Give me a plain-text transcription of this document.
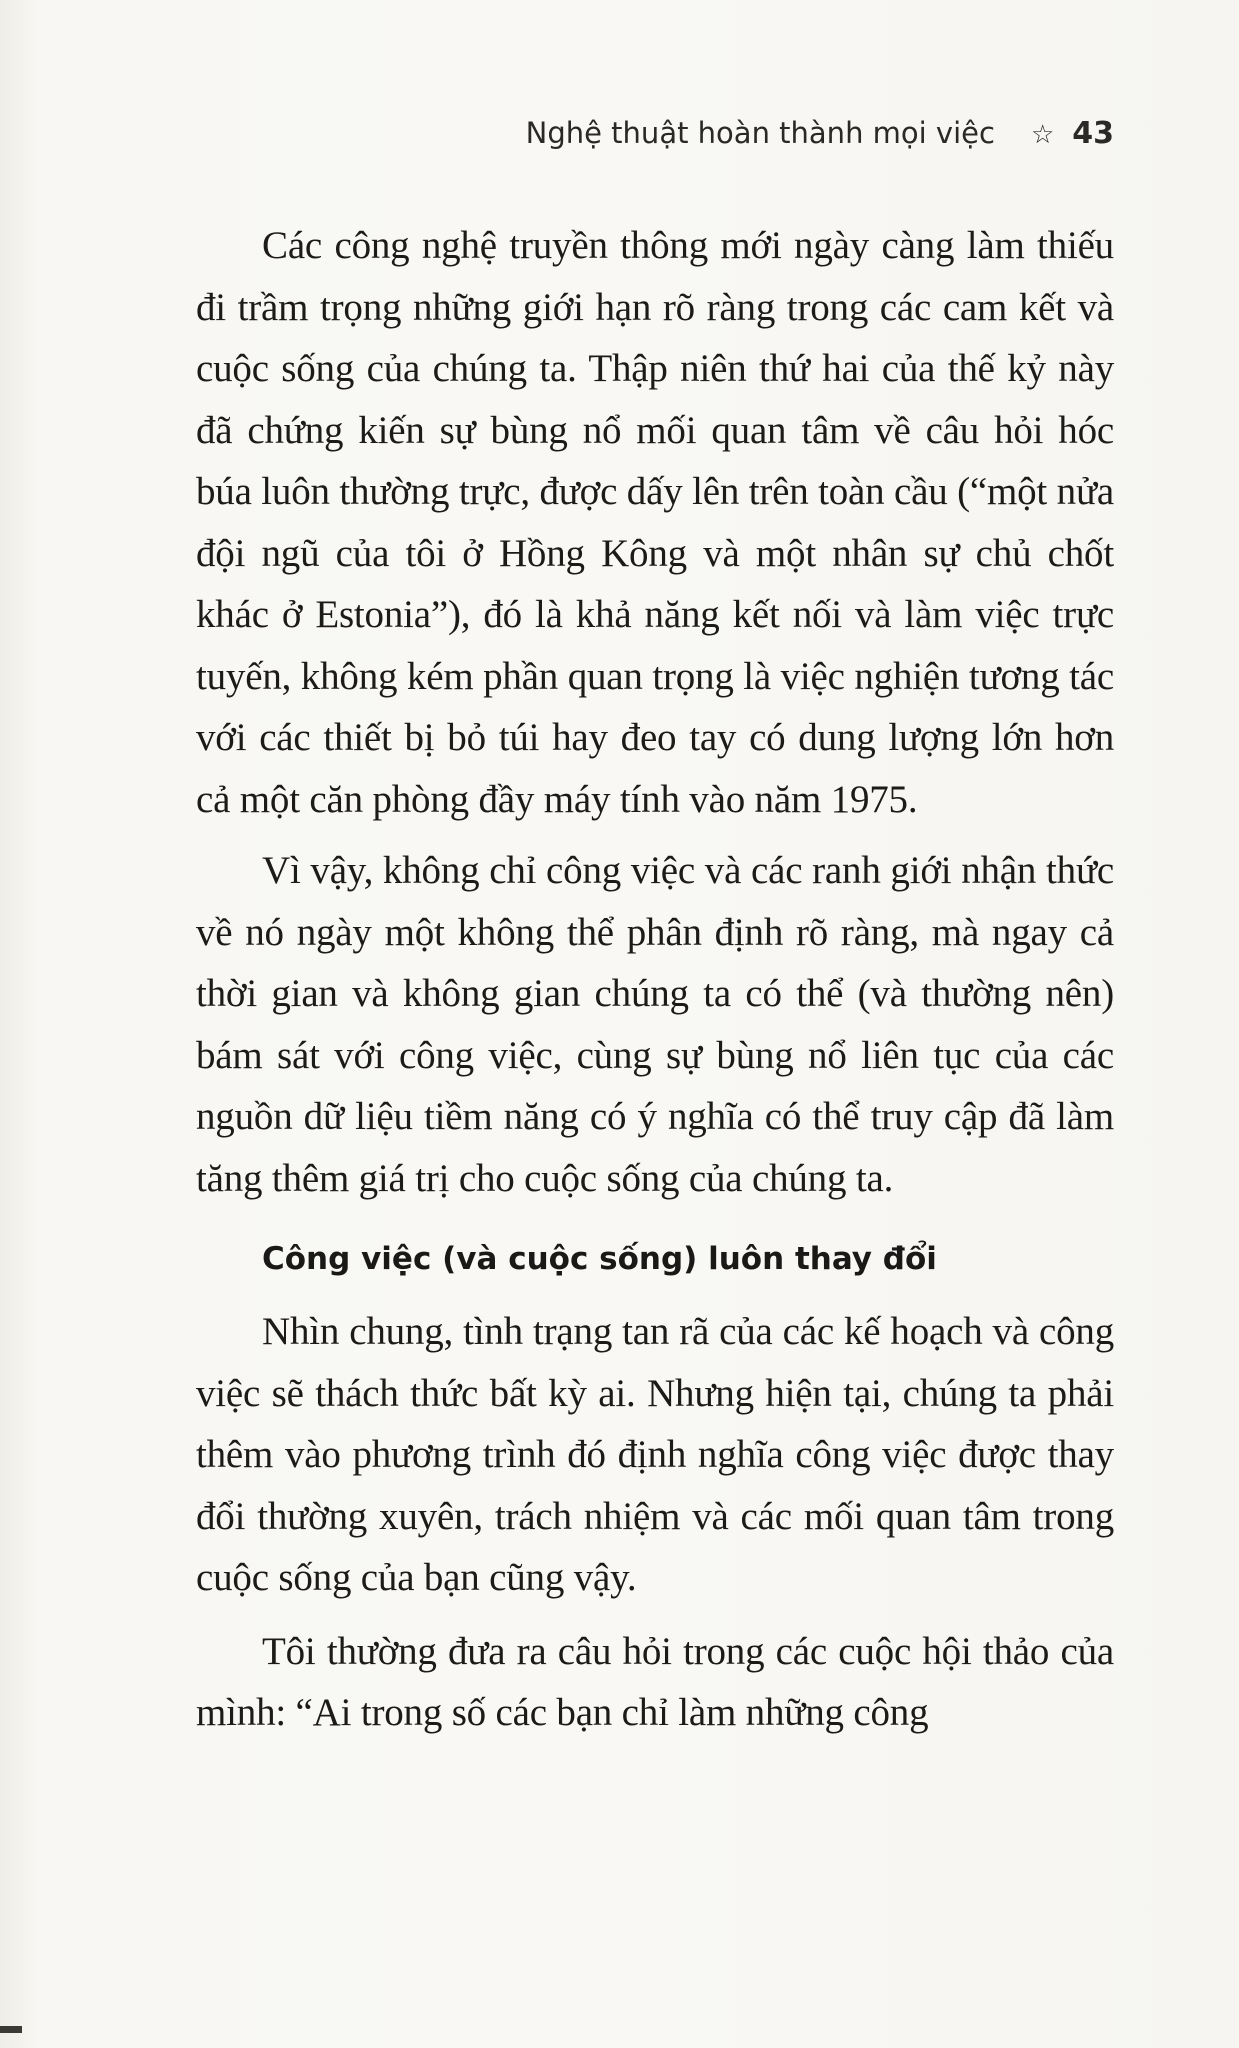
Nghệ thuật hoàn thành mọi việc ☆ 43

Các công nghệ truyền thông mới ngày càng làm thiếu đi trầm trọng những giới hạn rõ ràng trong các cam kết và cuộc sống của chúng ta. Thập niên thứ hai của thế kỷ này đã chứng kiến sự bùng nổ mối quan tâm về câu hỏi hóc búa luôn thường trực, được dấy lên trên toàn cầu (“một nửa đội ngũ của tôi ở Hồng Kông và một nhân sự chủ chốt khác ở Estonia”), đó là khả năng kết nối và làm việc trực tuyến, không kém phần quan trọng là việc nghiện tương tác với các thiết bị bỏ túi hay đeo tay có dung lượng lớn hơn cả một căn phòng đầy máy tính vào năm 1975.

Vì vậy, không chỉ công việc và các ranh giới nhận thức về nó ngày một không thể phân định rõ ràng, mà ngay cả thời gian và không gian chúng ta có thể (và thường nên) bám sát với công việc, cùng sự bùng nổ liên tục của các nguồn dữ liệu tiềm năng có ý nghĩa có thể truy cập đã làm tăng thêm giá trị cho cuộc sống của chúng ta.

Công việc (và cuộc sống) luôn thay đổi

Nhìn chung, tình trạng tan rã của các kế hoạch và công việc sẽ thách thức bất kỳ ai. Nhưng hiện tại, chúng ta phải thêm vào phương trình đó định nghĩa công việc được thay đổi thường xuyên, trách nhiệm và các mối quan tâm trong cuộc sống của bạn cũng vậy.

Tôi thường đưa ra câu hỏi trong các cuộc hội thảo của mình: “Ai trong số các bạn chỉ làm những công
